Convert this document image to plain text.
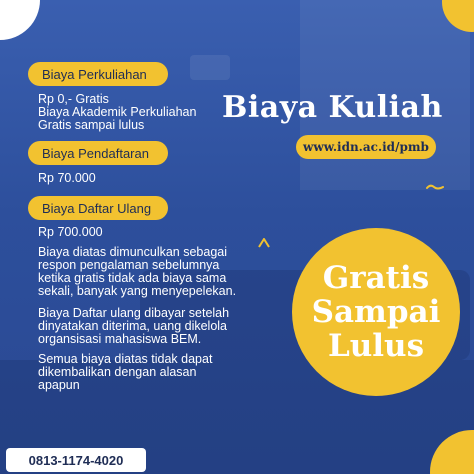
Biaya Perkuliahan
Rp 0,- Gratis
Biaya Akademik Perkuliahan
Gratis sampai lulus
Biaya Pendaftaran
Rp 70.000
Biaya Daftar Ulang
Rp 700.000
Biaya diatas dimunculkan sebagai
respon pengalaman sebelumnya
ketika gratis tidak ada biaya sama
sekali, banyak yang menyepelekan.
Biaya Daftar ulang dibayar setelah
dinyatakan diterima, uang dikelola
organsisasi mahasiswa BEM.
Semua biaya diatas tidak dapat
dikembalikan dengan alasan
apapun
Biaya Kuliah
www.idn.ac.id/pmb
Gratis
Sampai
Lulus
0813-1174-4020
